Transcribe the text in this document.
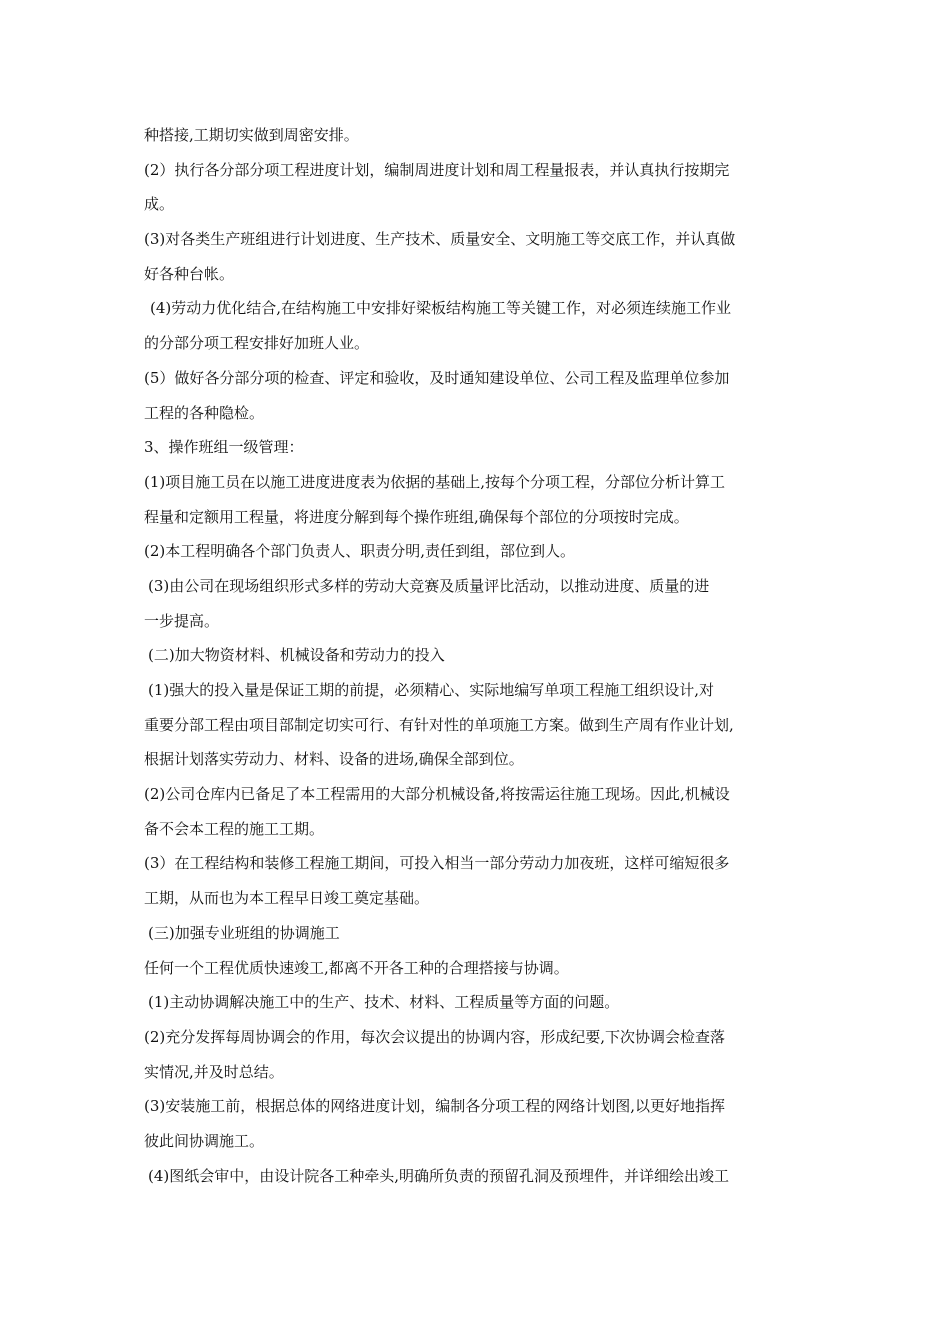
种搭接,工期切实做到周密安排。
(2）执行各分部分项工程进度计划，编制周进度计划和周工程量报表，并认真执行按期完
成。
(3)对各类生产班组进行计划进度、生产技术、质量安全、文明施工等交底工作，并认真做
好各种台帐。
(4)劳动力优化结合,在结构施工中安排好梁板结构施工等关键工作，对必须连续施工作业
的分部分项工程安排好加班人业。
(5）做好各分部分项的检查、评定和验收，及时通知建设单位、公司工程及监理单位参加
工程的各种隐检。
3、操作班组一级管理：
(1)项目施工员在以施工进度进度表为依据的基础上,按每个分项工程，分部位分析计算工
程量和定额用工程量，将进度分解到每个操作班组,确保每个部位的分项按时完成。
(2)本工程明确各个部门负责人、职责分明,责任到组，部位到人。
(3)由公司在现场组织形式多样的劳动大竞赛及质量评比活动，以推动进度、质量的进
一步提高。
(二)加大物资材料、机械设备和劳动力的投入
(1)强大的投入量是保证工期的前提，必须精心、实际地编写单项工程施工组织设计,对
重要分部工程由项目部制定切实可行、有针对性的单项施工方案。做到生产周有作业计划,
根据计划落实劳动力、材料、设备的进场,确保全部到位。
(2)公司仓库内已备足了本工程需用的大部分机械设备,将按需运往施工现场。因此,机械设
备不会本工程的施工工期。
(3）在工程结构和装修工程施工期间，可投入相当一部分劳动力加夜班，这样可缩短很多
工期，从而也为本工程早日竣工奠定基础。
(三)加强专业班组的协调施工
任何一个工程优质快速竣工,都离不开各工种的合理搭接与协调。
(1)主动协调解决施工中的生产、技术、材料、工程质量等方面的问题。
(2)充分发挥每周协调会的作用，每次会议提出的协调内容，形成纪要,下次协调会检查落
实情况,并及时总结。
(3)安装施工前，根据总体的网络进度计划，编制各分项工程的网络计划图,以更好地指挥
彼此间协调施工。
(4)图纸会审中，由设计院各工种牵头,明确所负责的预留孔洞及预埋件，并详细绘出竣工
